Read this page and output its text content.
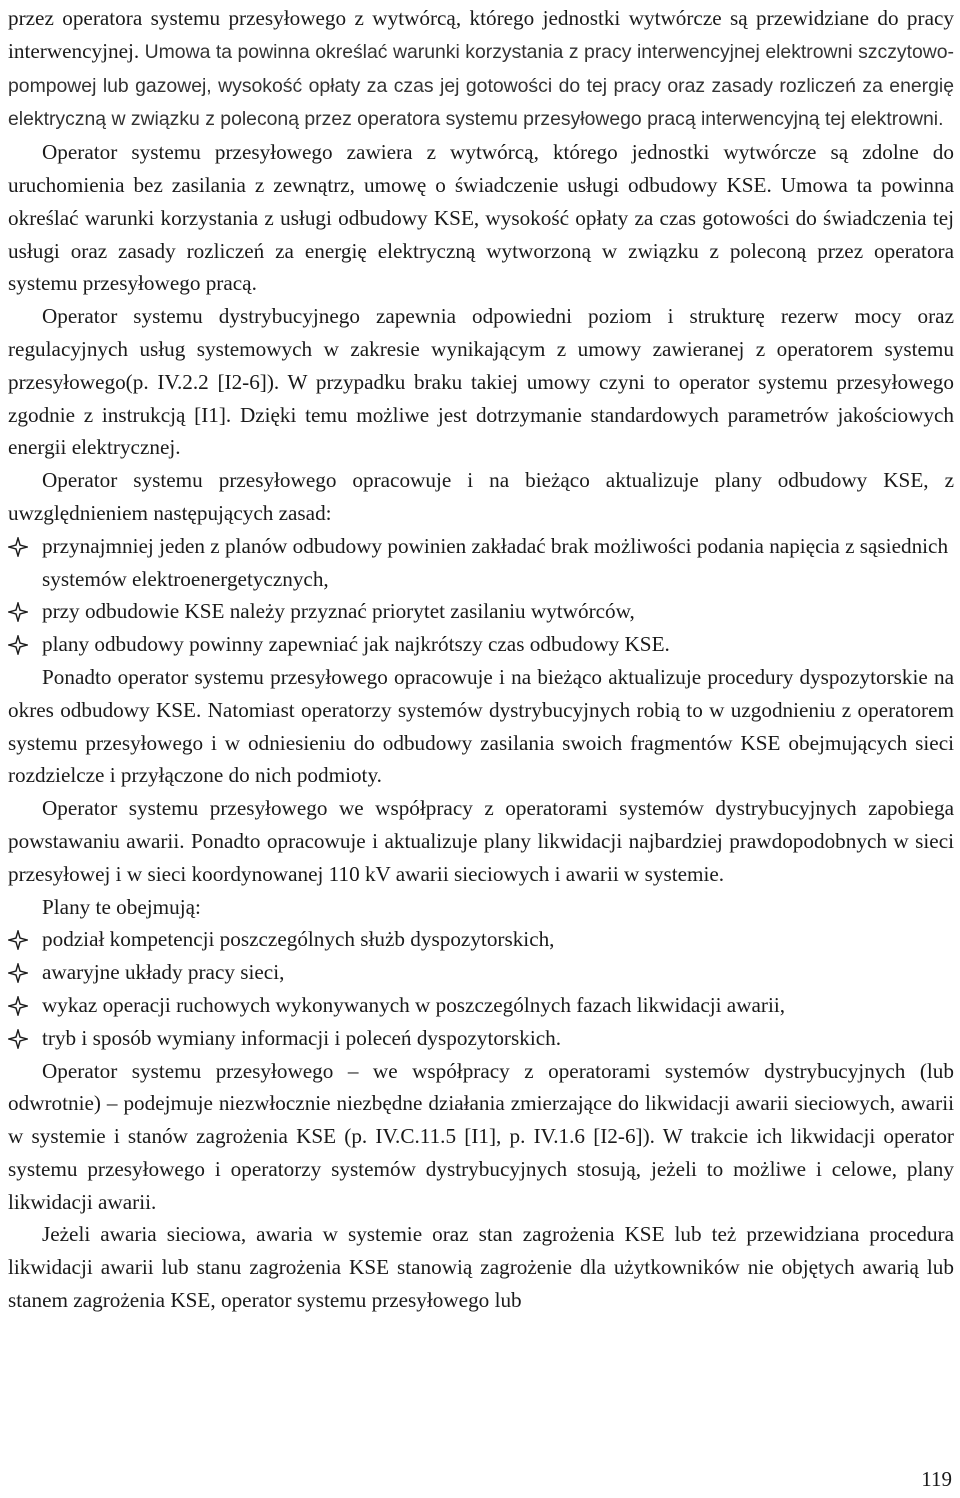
przez operatora systemu przesyłowego z wytwórcą, którego jednostki wytwórcze są przewidziane do pracy interwencyjnej. Umowa ta powinna określać warunki korzystania z pracy interwencyjnej elektrowni szczytowo-pompowej lub gazowej, wysokość opłaty za czas jej gotowości do tej pracy oraz zasady rozliczeń za energię elektryczną w związku z poleconą przez operatora systemu przesyłowego pracą interwencyjną tej elektrowni.

Operator systemu przesyłowego zawiera z wytwórcą, którego jednostki wytwórcze są zdolne do uruchomienia bez zasilania z zewnątrz, umowę o świadczenie usługi odbudowy KSE. Umowa ta powinna określać warunki korzystania z usługi odbudowy KSE, wysokość opłaty za czas gotowości do świadczenia tej usługi oraz zasady rozliczeń za energię elektryczną wytworzoną w związku z poleconą przez operatora systemu przesyłowego pracą.

Operator systemu dystrybucyjnego zapewnia odpowiedni poziom i strukturę rezerw mocy oraz regulacyjnych usług systemowych w zakresie wynikającym z umowy zawieranej z operatorem systemu przesyłowego(p. IV.2.2 [I2-6]). W przypadku braku takiej umowy czyni to operator systemu przesyłowego zgodnie z instrukcją [I1]. Dzięki temu możliwe jest dotrzymanie standardowych parametrów jakościowych energii elektrycznej.

Operator systemu przesyłowego opracowuje i na bieżąco aktualizuje plany odbudowy KSE, z uwzględnieniem następujących zasad:

przynajmniej jeden z planów odbudowy powinien zakładać brak możliwości podania napięcia z sąsiednich systemów elektroenergetycznych,
przy odbudowie KSE należy przyznać priorytet zasilaniu wytwórców,
plany odbudowy powinny zapewniać jak najkrótszy czas odbudowy KSE.

Ponadto operator systemu przesyłowego opracowuje i na bieżąco aktualizuje procedury dyspozytorskie na okres odbudowy KSE. Natomiast operatorzy systemów dystrybucyjnych robią to w uzgodnieniu z operatorem systemu przesyłowego i w odniesieniu do odbudowy zasilania swoich fragmentów KSE obejmujących sieci rozdzielcze i przyłączone do nich podmioty.

Operator systemu przesyłowego we współpracy z operatorami systemów dystrybucyjnych zapobiega powstawaniu awarii. Ponadto opracowuje i aktualizuje plany likwidacji najbardziej prawdopodobnych w sieci przesyłowej i w sieci koordynowanej 110 kV awarii sieciowych i awarii w systemie.

Plany te obejmują:

podział kompetencji poszczególnych służb dyspozytorskich,
awaryjne układy pracy sieci,
wykaz operacji ruchowych wykonywanych w poszczególnych fazach likwidacji awarii,
tryb i sposób wymiany informacji i poleceń dyspozytorskich.

Operator systemu przesyłowego – we współpracy z operatorami systemów dystrybucyjnych (lub odwrotnie) – podejmuje niezwłocznie niezbędne działania zmierzające do likwidacji awarii sieciowych, awarii w systemie i stanów zagrożenia KSE (p. IV.C.11.5 [I1], p. IV.1.6 [I2-6]). W trakcie ich likwidacji operator systemu przesyłowego i operatorzy systemów dystrybucyjnych stosują, jeżeli to możliwe i celowe, plany likwidacji awarii.

Jeżeli awaria sieciowa, awaria w systemie oraz stan zagrożenia KSE lub też przewidziana procedura likwidacji awarii lub stanu zagrożenia KSE stanowią zagrożenie dla użytkowników nie objętych awarią lub stanem zagrożenia KSE, operator systemu przesyłowego lub

119
